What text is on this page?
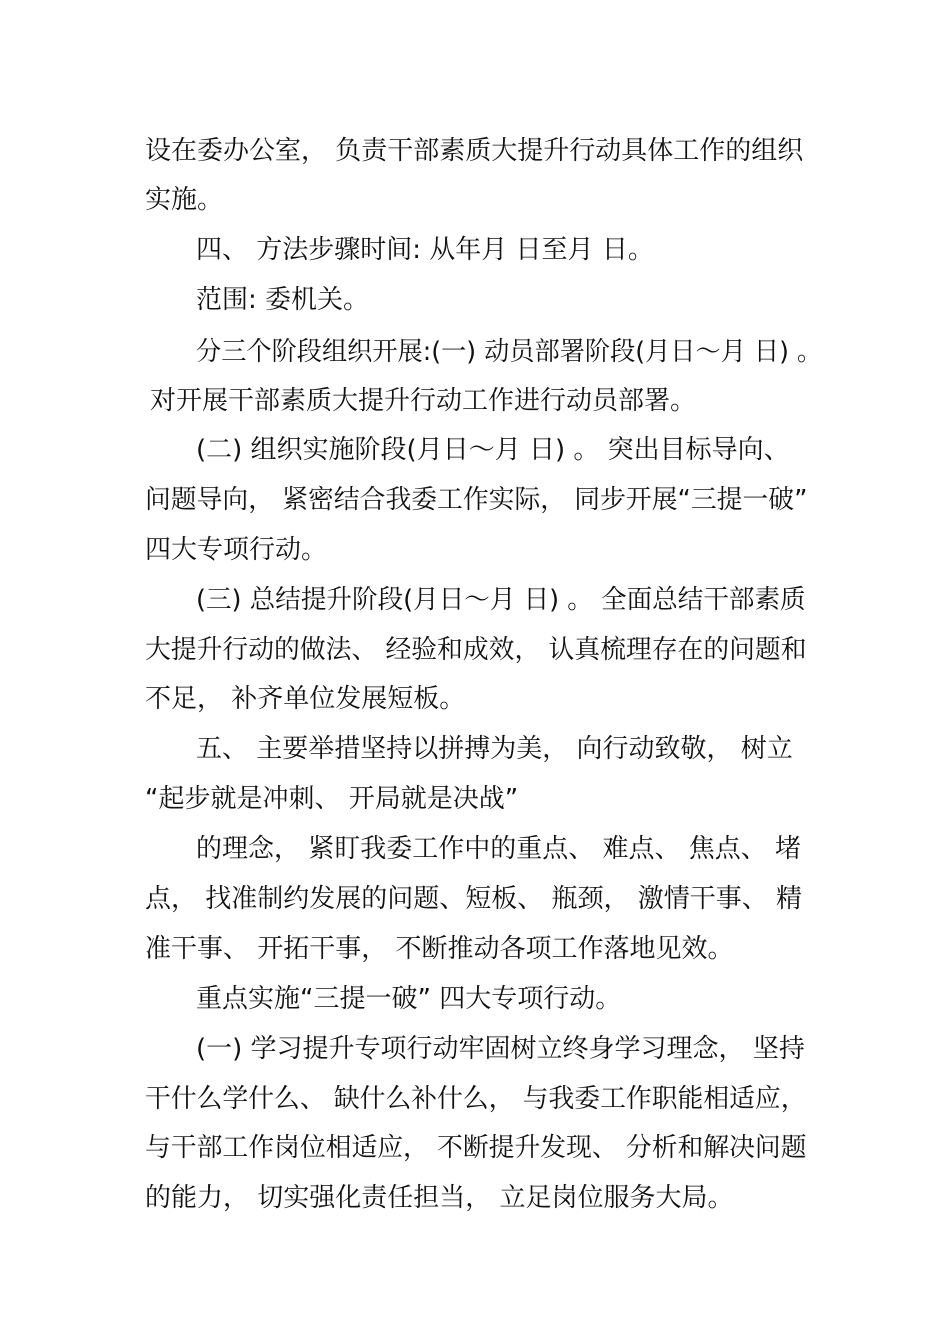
设在委办公室， 负责干部素质大提升行动具体工作的组织
实施。
四、 方法步骤时间: 从年月 日至月 日。
范围: 委机关。
分三个阶段组织开展:(一) 动员部署阶段(月日～月 日) 。
对开展干部素质大提升行动工作进行动员部署。
(二) 组织实施阶段(月日～月 日) 。 突出目标导向、
问题导向， 紧密结合我委工作实际， 同步开展“三提一破”
四大专项行动。
(三) 总结提升阶段(月日～月 日) 。 全面总结干部素质
大提升行动的做法、 经验和成效， 认真梳理存在的问题和
不足， 补齐单位发展短板。
五、 主要举措坚持以拼搏为美， 向行动致敬， 树立
“起步就是冲刺、 开局就是决战”
的理念， 紧盯我委工作中的重点、 难点、 焦点、 堵
点， 找准制约发展的问题、短板、 瓶颈， 激情干事、 精
准干事、 开拓干事， 不断推动各项工作落地见效。
重点实施“三提一破” 四大专项行动。
(一) 学习提升专项行动牢固树立终身学习理念， 坚持
干什么学什么、 缺什么补什么， 与我委工作职能相适应，
与干部工作岗位相适应， 不断提升发现、 分析和解决问题
的能力， 切实强化责任担当， 立足岗位服务大局。
